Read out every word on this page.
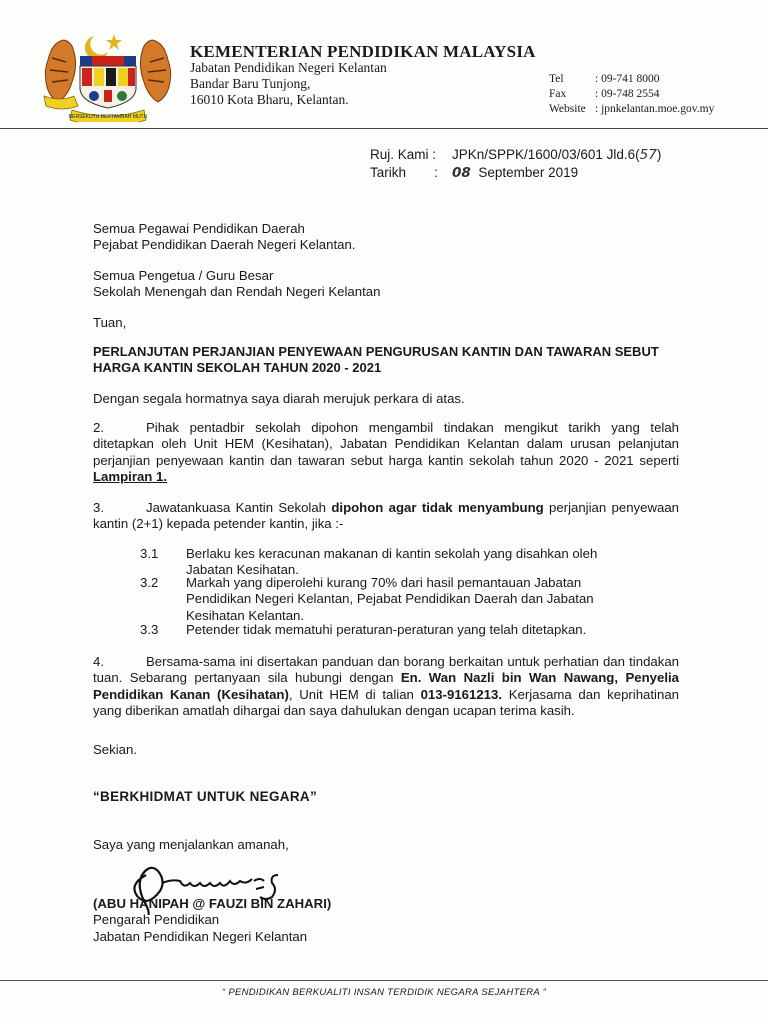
BERSEKUTU BERTAMBAH MUTU
KEMENTERIAN PENDIDIKAN MALAYSIA
Jabatan Pendidikan Negeri Kelantan
Bandar Baru Tunjong,
16010 Kota Bharu, Kelantan.
Tel	: 09-741 8000
Fax	: 09-748 2554
Website : jpnkelantan.moe.gov.my
Ruj. Kami : JPKn/SPPK/1600/03/601 Jld.6(57)
Tarikh : 08 September 2019
Semua Pegawai Pendidikan Daerah
Pejabat Pendidikan Daerah Negeri Kelantan.
Semua Pengetua / Guru Besar
Sekolah Menengah dan Rendah Negeri Kelantan
Tuan,
PERLANJUTAN PERJANJIAN PENYEWAAN PENGURUSAN KANTIN DAN TAWARAN SEBUT HARGA KANTIN SEKOLAH TAHUN 2020 - 2021
Dengan segala hormatnya saya diarah merujuk perkara di atas.
2.	Pihak pentadbir sekolah dipohon mengambil tindakan mengikut tarikh yang telah ditetapkan oleh Unit HEM (Kesihatan), Jabatan Pendidikan Kelantan dalam urusan pelanjutan perjanjian penyewaan kantin dan tawaran sebut harga kantin sekolah tahun 2020 - 2021 seperti Lampiran 1.
3.	Jawatankuasa Kantin Sekolah dipohon agar tidak menyambung perjanjian penyewaan kantin (2+1) kepada petender kantin, jika :-
3.1 Berlaku kes keracunan makanan di kantin sekolah yang disahkan oleh Jabatan Kesihatan.
3.2 Markah yang diperolehi kurang 70% dari hasil pemantauan Jabatan Pendidikan Negeri Kelantan, Pejabat Pendidikan Daerah dan Jabatan Kesihatan Kelantan.
3.3 Petender tidak mematuhi peraturan-peraturan yang telah ditetapkan.
4.	Bersama-sama ini disertakan panduan dan borang berkaitan untuk perhatian dan tindakan tuan. Sebarang pertanyaan sila hubungi dengan En. Wan Nazli bin Wan Nawang, Penyelia Pendidikan Kanan (Kesihatan), Unit HEM di talian 013-9161213. Kerjasama dan keprihatinan yang diberikan amatlah dihargai dan saya dahulukan dengan ucapan terima kasih.
Sekian.
“BERKHIDMAT UNTUK NEGARA”
Saya yang menjalankan amanah,
(ABU HANIPAH @ FAUZI BIN ZAHARI)
Pengarah Pendidikan
Jabatan Pendidikan Negeri Kelantan
“ PENDIDIKAN BERKUALITI INSAN TERDIDIK NEGARA SEJAHTERA ”
